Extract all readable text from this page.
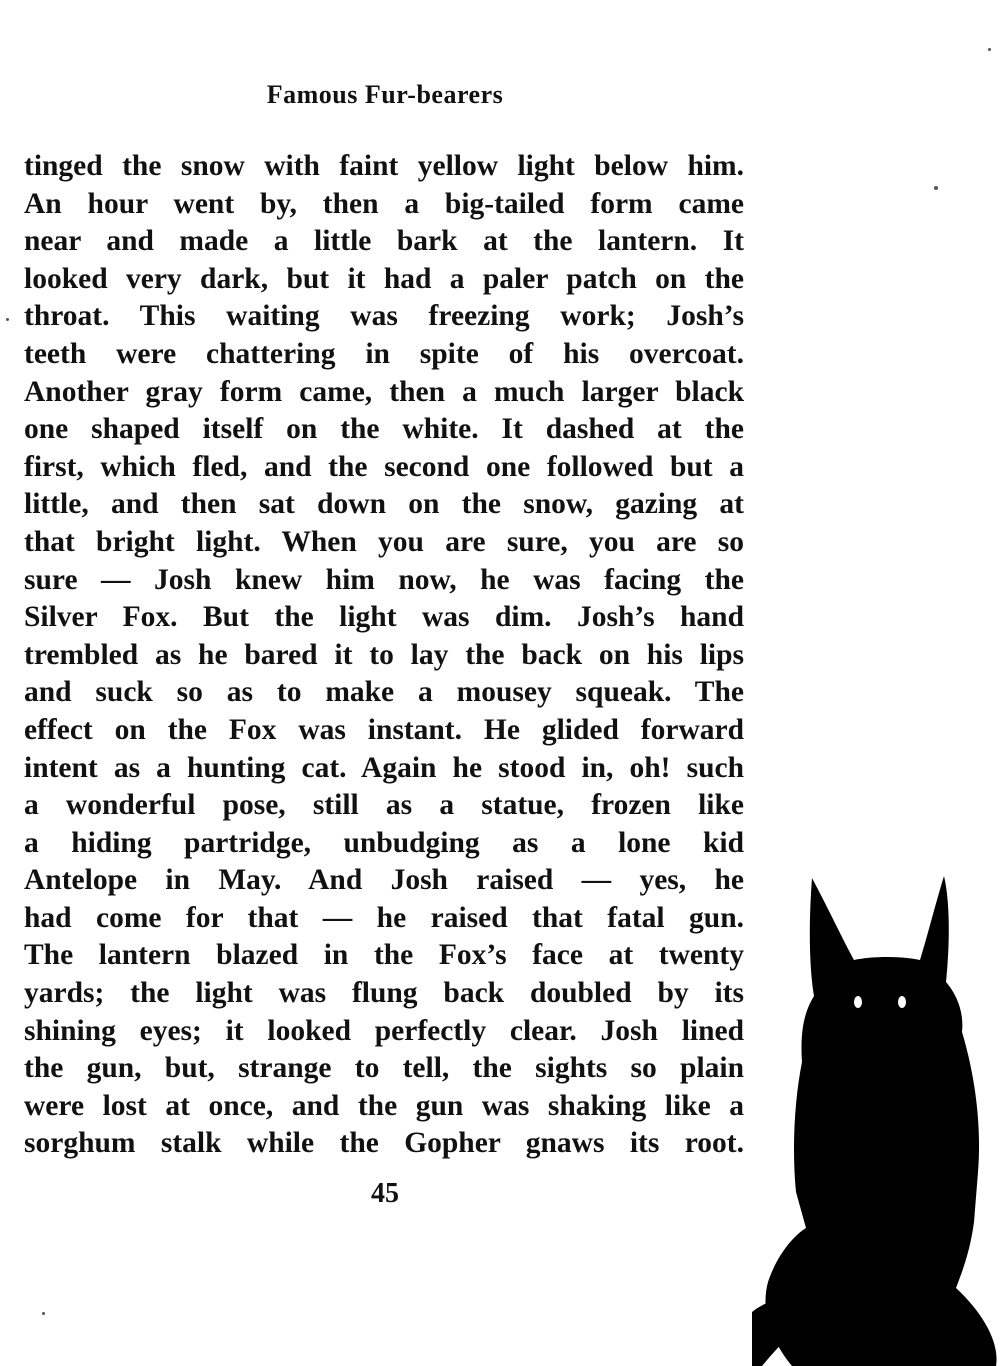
Famous Fur-bearers
tinged the snow with faint yellow light below him.
An hour went by, then a big-tailed form came
near and made a little bark at the lantern. It
looked very dark, but it had a paler patch on the
throat. This waiting was freezing work; Josh’s
teeth were chattering in spite of his overcoat.
Another gray form came, then a much larger black
one shaped itself on the white. It dashed at the
first, which fled, and the second one followed but a
little, and then sat down on the snow, gazing at
that bright light. When you are sure, you are so
sure — Josh knew him now, he was facing the
Silver Fox. But the light was dim. Josh’s hand
trembled as he bared it to lay the back on his lips
and suck so as to make a mousey squeak. The
effect on the Fox was instant. He glided forward
intent as a hunting cat. Again he stood in, oh! such
a wonderful pose, still as a statue, frozen like
a hiding partridge, unbudging as a lone kid
Antelope in May. And Josh raised — yes, he
had come for that — he raised that fatal gun.
The lantern blazed in the Fox’s face at twenty
yards; the light was flung back doubled by its
shining eyes; it looked perfectly clear. Josh lined
the gun, but, strange to tell, the sights so plain
were lost at once, and the gun was shaking like a
sorghum stalk while the Gopher gnaws its root.
45
